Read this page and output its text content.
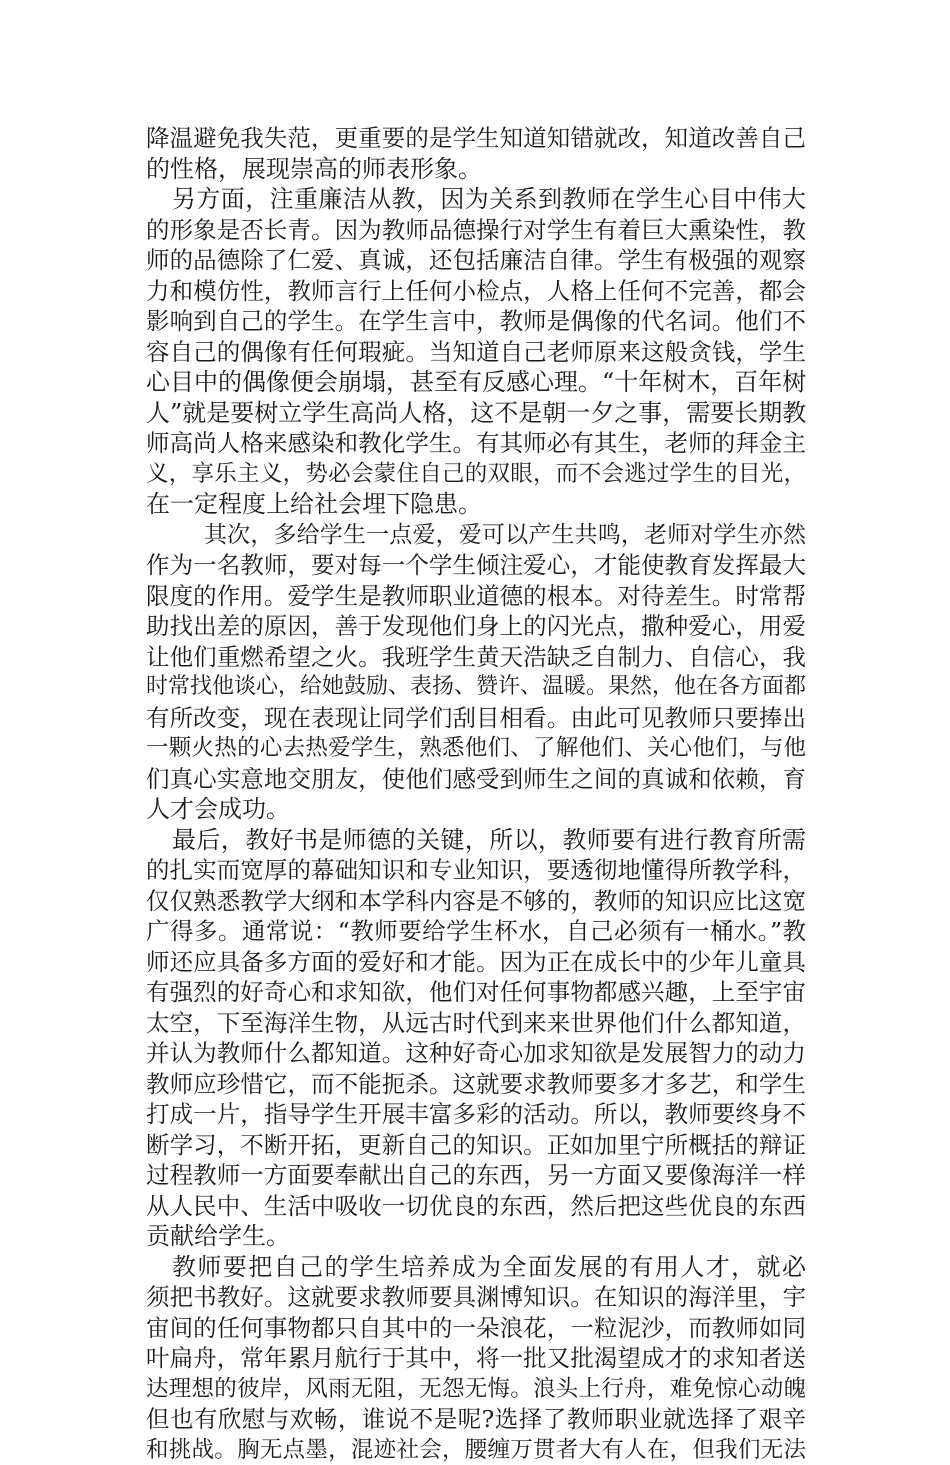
降温避免我失范，更重要的是学生知道知错就改，知道改善自己
的性格，展现崇高的师表形象。
另方面，注重廉洁从教，因为关系到教师在学生心目中伟大
的形象是否长青。因为教师品德操行对学生有着巨大熏染性，教
师的品德除了仁爱、真诚，还包括廉洁自律。学生有极强的观察
力和模仿性，教师言行上任何小检点，人格上任何不完善，都会
影响到自己的学生。在学生言中，教师是偶像的代名词。他们不
容自己的偶像有任何瑕疵。当知道自己老师原来这般贪钱，学生
心目中的偶像便会崩塌，甚至有反感心理。“十年树木，百年树
人”就是要树立学生高尚人格，这不是朝一夕之事，需要长期教
师高尚人格来感染和教化学生。有其师必有其生，老师的拜金主
义，享乐主义，势必会蒙住自己的双眼，而不会逃过学生的目光，
在一定程度上给社会埋下隐患。
其次，多给学生一点爱，爱可以产生共鸣，老师对学生亦然
作为一名教师，要对每一个学生倾注爱心，才能使教育发挥最大
限度的作用。爱学生是教师职业道德的根本。对待差生。时常帮
助找出差的原因，善于发现他们身上的闪光点，撒种爱心，用爱
让他们重燃希望之火。我班学生黄天浩缺乏自制力、自信心，我
时常找他谈心，给她鼓励、表扬、赞许、温暖。果然，他在各方面都
有所改变，现在表现让同学们刮目相看。由此可见教师只要捧出
一颗火热的心去热爱学生，熟悉他们、了解他们、关心他们，与他
们真心实意地交朋友，使他们感受到师生之间的真诚和依赖，育
人才会成功。
最后，教好书是师德的关键，所以，教师要有进行教育所需
的扎实而宽厚的幕础知识和专业知识，要透彻地懂得所教学科，
仅仅熟悉教学大纲和本学科内容是不够的，教师的知识应比这宽
广得多。通常说：“教师要给学生杯水，自己必须有一桶水。”教
师还应具备多方面的爱好和才能。因为正在成长中的少年儿童具
有强烈的好奇心和求知欲，他们对任何事物都感兴趣，上至宇宙
太空，下至海洋生物，从远古时代到来来世界他们什么都知道，
并认为教师什么都知道。这种好奇心加求知欲是发展智力的动力
教师应珍惜它，而不能扼杀。这就要求教师要多才多艺，和学生
打成一片，指导学生开展丰富多彩的活动。所以，教师要终身不
断学习，不断开拓，更新自己的知识。正如加里宁所概括的辩证
过程教师一方面要奉献出自己的东西，另一方面又要像海洋一样
从人民中、生活中吸收一切优良的东西，然后把这些优良的东西
贡献给学生。
教师要把自己的学生培养成为全面发展的有用人才，就必
须把书教好。这就要求教师要具渊博知识。在知识的海洋里，宇
宙间的任何事物都只自其中的一朵浪花，一粒泥沙，而教师如同
叶扁舟，常年累月航行于其中，将一批又批渴望成才的求知者送
达理想的彼岸，风雨无阻，无怨无悔。浪头上行舟，难免惊心动魄
但也有欣慰与欢畅，谁说不是呢?选择了教师职业就选择了艰辛
和挑战。胸无点墨，混迹社会，腰缠万贯者大有人在，但我们无法
